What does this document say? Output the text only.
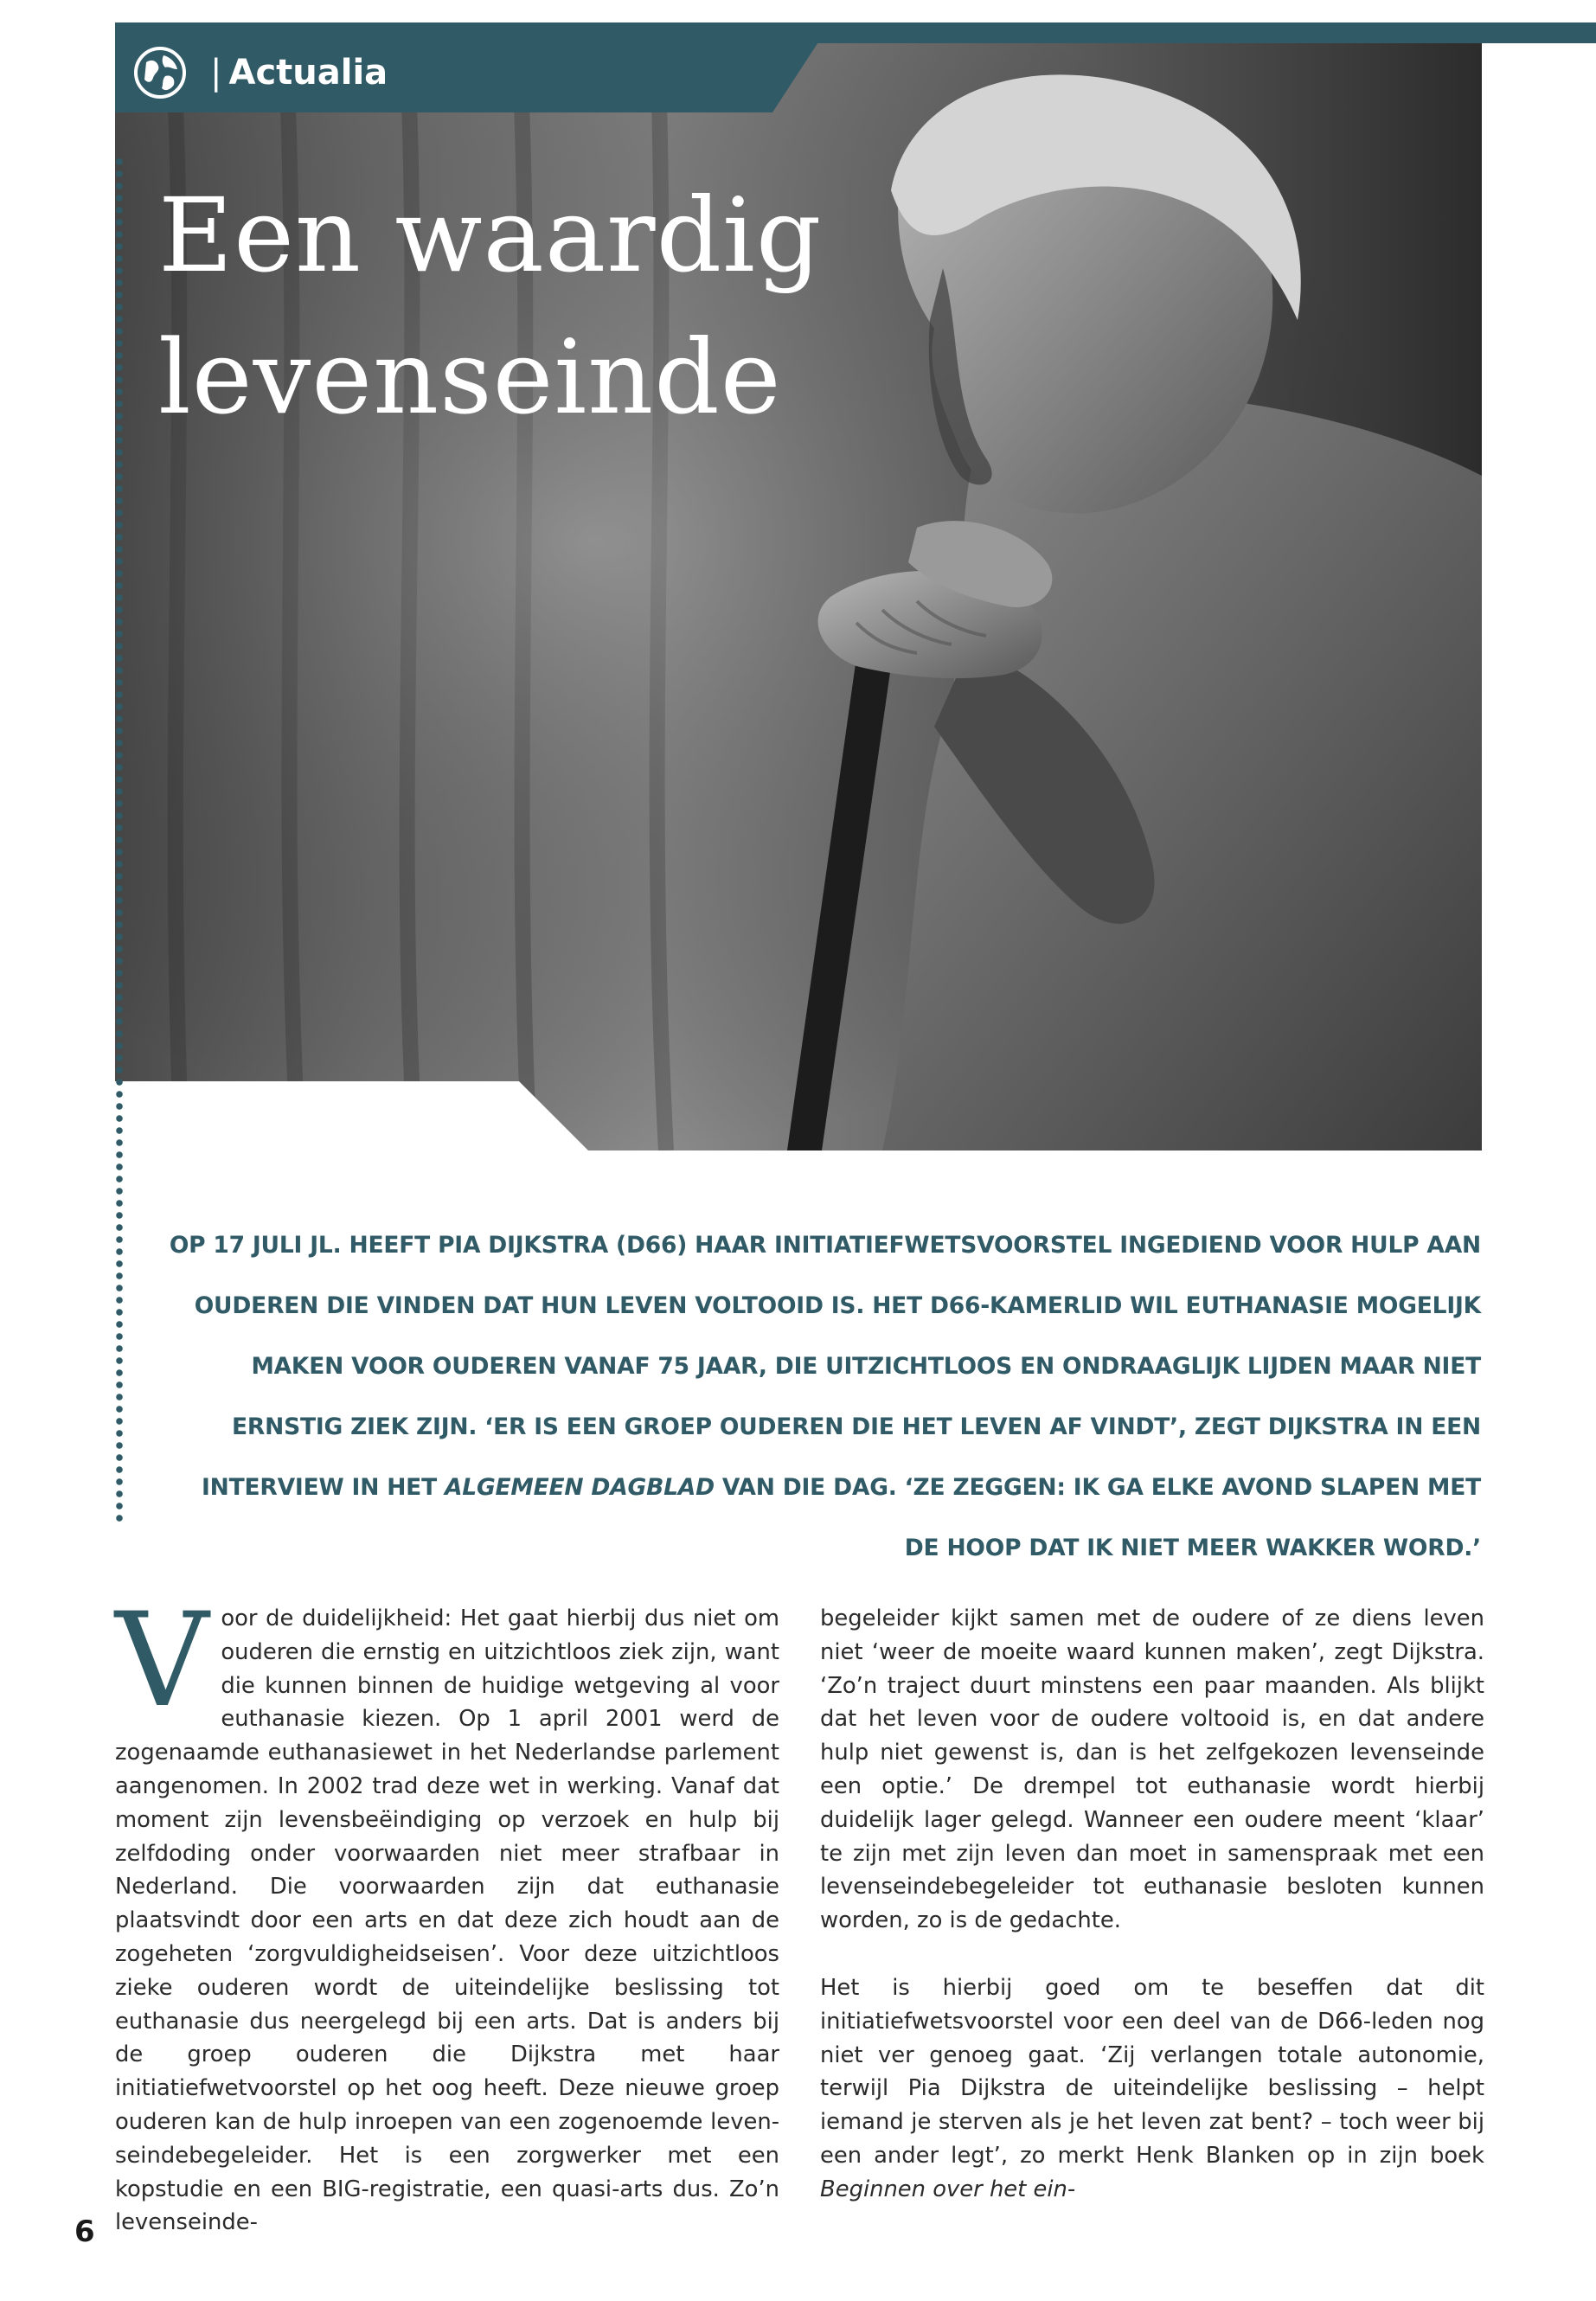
| Actualia
Een waardig levenseinde

OP 17 JULI JL. HEEFT PIA DIJKSTRA (D66) HAAR INITIATIEFWETSVOORSTEL INGEDIEND VOOR HULP AAN OUDEREN DIE VINDEN DAT HUN LEVEN VOLTOOID IS. HET D66-KAMERLID WIL EUTHANASIE MOGELIJK MAKEN VOOR OUDEREN VANAF 75 JAAR, DIE UITZICHTLOOS EN ONDRAAGLIJK LIJDEN MAAR NIET ERNSTIG ZIEK ZIJN. ‘ER IS EEN GROEP OUDEREN DIE HET LEVEN AF VINDT’, ZEGT DIJKSTRA IN EEN INTERVIEW IN HET ALGEMEEN DAGBLAD VAN DIE DAG. ‘ZE ZEGGEN: IK GA ELKE AVOND SLAPEN MET DE HOOP DAT IK NIET MEER WAKKER WORD.’

Voor de duidelijkheid: Het gaat hierbij dus niet om ouderen die ernstig en uitzichtloos ziek zijn, want die kunnen binnen de huidige wetgeving al voor euthanasie kiezen. Op 1 april 2001 werd de zogenaamde euthanasiewet in het Nederlandse parlement aangenomen. In 2002 trad deze wet in werking. Vanaf dat moment zijn levensbeëindiging op verzoek en hulp bij zelfdoding onder voorwaarden niet meer strafbaar in Nederland. Die voorwaarden zijn dat euthanasie plaatsvindt door een arts en dat deze zich houdt aan de zogeheten ‘zorgvuldigheidseisen’. Voor deze uitzichtloos zieke ouderen wordt de uiteindelijke beslissing tot euthanasie dus neergelegd bij een arts. Dat is anders bij de groep ouderen die Dijkstra met haar initiatiefwetvoorstel op het oog heeft. Deze nieuwe groep ouderen kan de hulp inroepen van een zogenoemde levenseindebegeleider. Het is een zorgwerker met een kopstudie en een BIG-registratie, een quasi-arts dus. Zo’n levenseinde-

begeleider kijkt samen met de oudere of ze diens leven niet ‘weer de moeite waard kunnen maken’, zegt Dijkstra. ‘Zo’n traject duurt minstens een paar maanden. Als blijkt dat het leven voor de oudere voltooid is, en dat andere hulp niet gewenst is, dan is het zelfgekozen levenseinde een optie.’ De drempel tot euthanasie wordt hierbij duidelijk lager gelegd. Wanneer een oudere meent ‘klaar’ te zijn met zijn leven dan moet in samenspraak met een levenseindebegeleider tot euthanasie besloten kunnen worden, zo is de gedachte.

Het is hierbij goed om te beseffen dat dit initiatiefwetsvoorstel voor een deel van de D66-leden nog niet ver genoeg gaat. ‘Zij verlangen totale autonomie, terwijl Pia Dijkstra de uiteindelijke beslissing – helpt iemand je sterven als je het leven zat bent? – toch weer bij een ander legt’, zo merkt Henk Blanken op in zijn boek Beginnen over het ein-

6
